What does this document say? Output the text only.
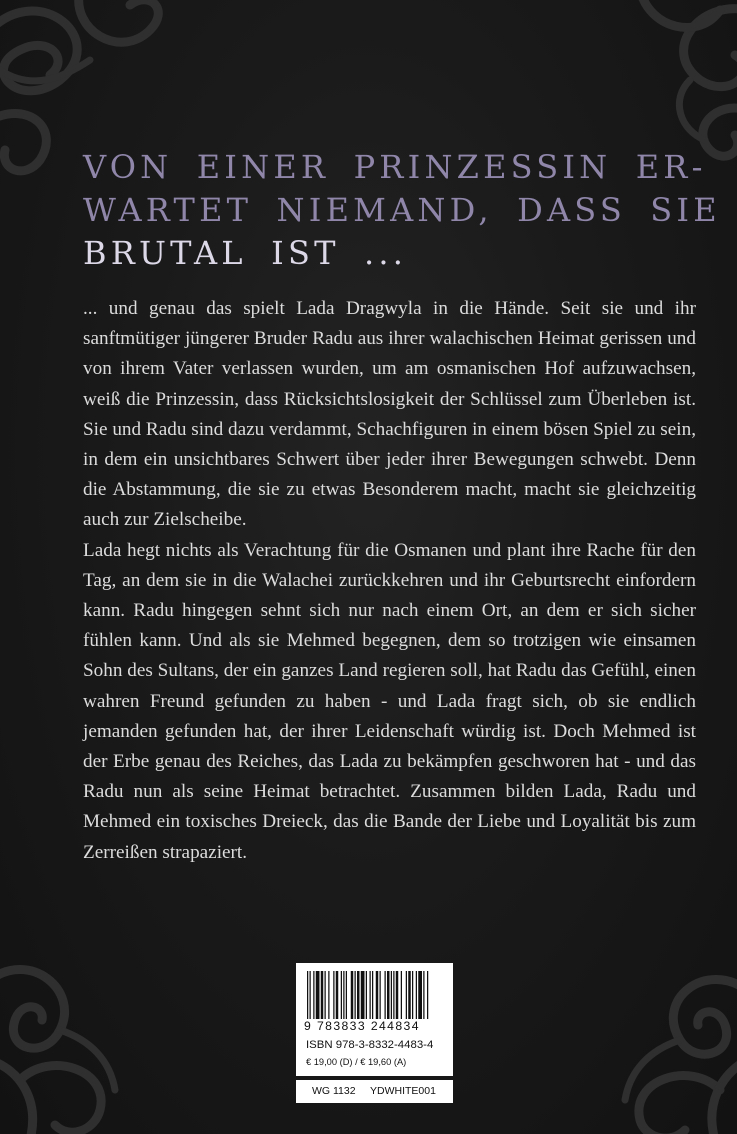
VON EINER PRINZESSIN ER-
WARTET NIEMAND, DASS SIE
BRUTAL IST ...

... und genau das spielt Lada Dragwyla in die Hände. Seit sie und ihr sanftmütiger jüngerer Bruder Radu aus ihrer walachischen Heimat gerissen und von ihrem Vater verlassen wurden, um am osmanischen Hof aufzuwachsen, weiß die Prinzessin, dass Rücksichtslosigkeit der Schlüssel zum Überleben ist. Sie und Radu sind dazu verdammt, Schachfiguren in einem bösen Spiel zu sein, in dem ein unsichtbares Schwert über jeder ihrer Bewegungen schwebt. Denn die Abstammung, die sie zu etwas Besonderem macht, macht sie gleichzeitig auch zur Zielscheibe.

Lada hegt nichts als Verachtung für die Osmanen und plant ihre Rache für den Tag, an dem sie in die Walachei zurückkehren und ihr Geburtsrecht einfordern kann. Radu hingegen sehnt sich nur nach einem Ort, an dem er sich sicher fühlen kann. Und als sie Mehmed begegnen, dem so trotzigen wie einsamen Sohn des Sultans, der ein ganzes Land regieren soll, hat Radu das Gefühl, einen wahren Freund gefunden zu haben - und Lada fragt sich, ob sie endlich jemanden gefunden hat, der ihrer Leidenschaft würdig ist. Doch Mehmed ist der Erbe genau des Reiches, das Lada zu bekämpfen geschworen hat - und das Radu nun als seine Heimat betrachtet. Zusammen bilden Lada, Radu und Mehmed ein toxisches Dreieck, das die Bande der Liebe und Loyalität bis zum Zerreißen strapaziert.

9 783833 244834
ISBN 978-3-8332-4483-4
€ 19,00 (D) / € 19,60 (A)
WG 1132 YDWHITE001
